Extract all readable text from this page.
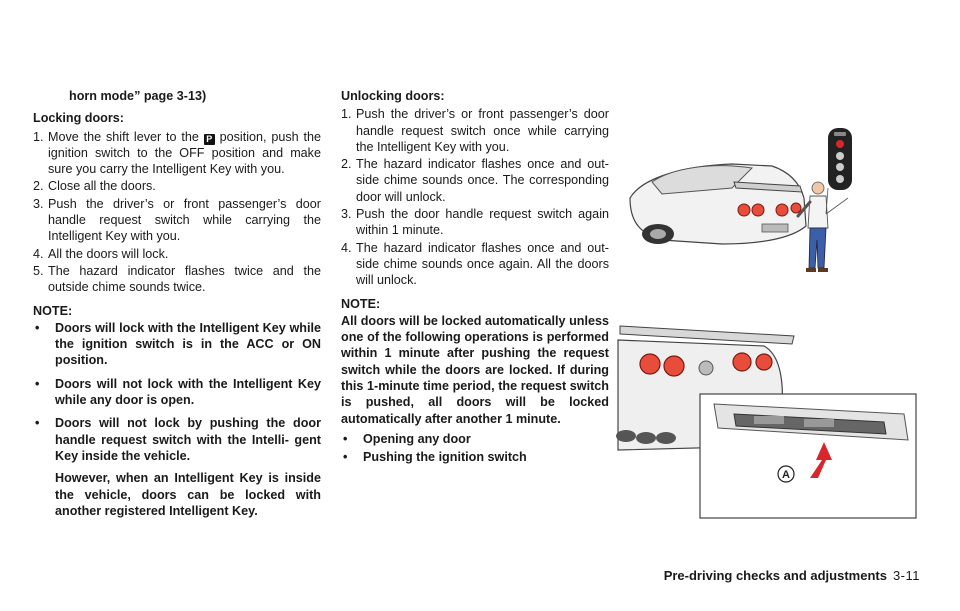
horn mode” page 3-13)

Locking doors:

1. Move the shift lever to the P position, push the ignition switch to the OFF position and make sure you carry the Intelligent Key with you.
2. Close all the doors.
3. Push the driver’s or front passenger’s door handle request switch while carrying the Intelligent Key with you.
4. All the doors will lock.
5. The hazard indicator flashes twice and the outside chime sounds twice.

NOTE:

• Doors will lock with the Intelligent Key while the ignition switch is in the ACC or ON position.
• Doors will not lock with the Intelligent Key while any door is open.
• Doors will not lock by pushing the door handle request switch with the Intelli- gent Key inside the vehicle.
However, when an Intelligent Key is inside the vehicle, doors can be locked with another registered Intelligent Key.

Unlocking doors:

1. Push the driver’s or front passenger’s door handle request switch once while carrying the Intelligent Key with you.
2. The hazard indicator flashes once and out- side chime sounds once. The corresponding door will unlock.
3. Push the door handle request switch again within 1 minute.
4. The hazard indicator flashes once and out- side chime sounds once again. All the doors will unlock.

NOTE:

All doors will be locked automatically unless one of the following operations is performed within 1 minute after pushing the request switch while the doors are locked. If during this 1-minute time period, the request switch is pushed, all doors will be locked automatically after another 1 minute.

• Opening any door
• Pushing the ignition switch
A
Pre-driving checks and adjustments 3-11
